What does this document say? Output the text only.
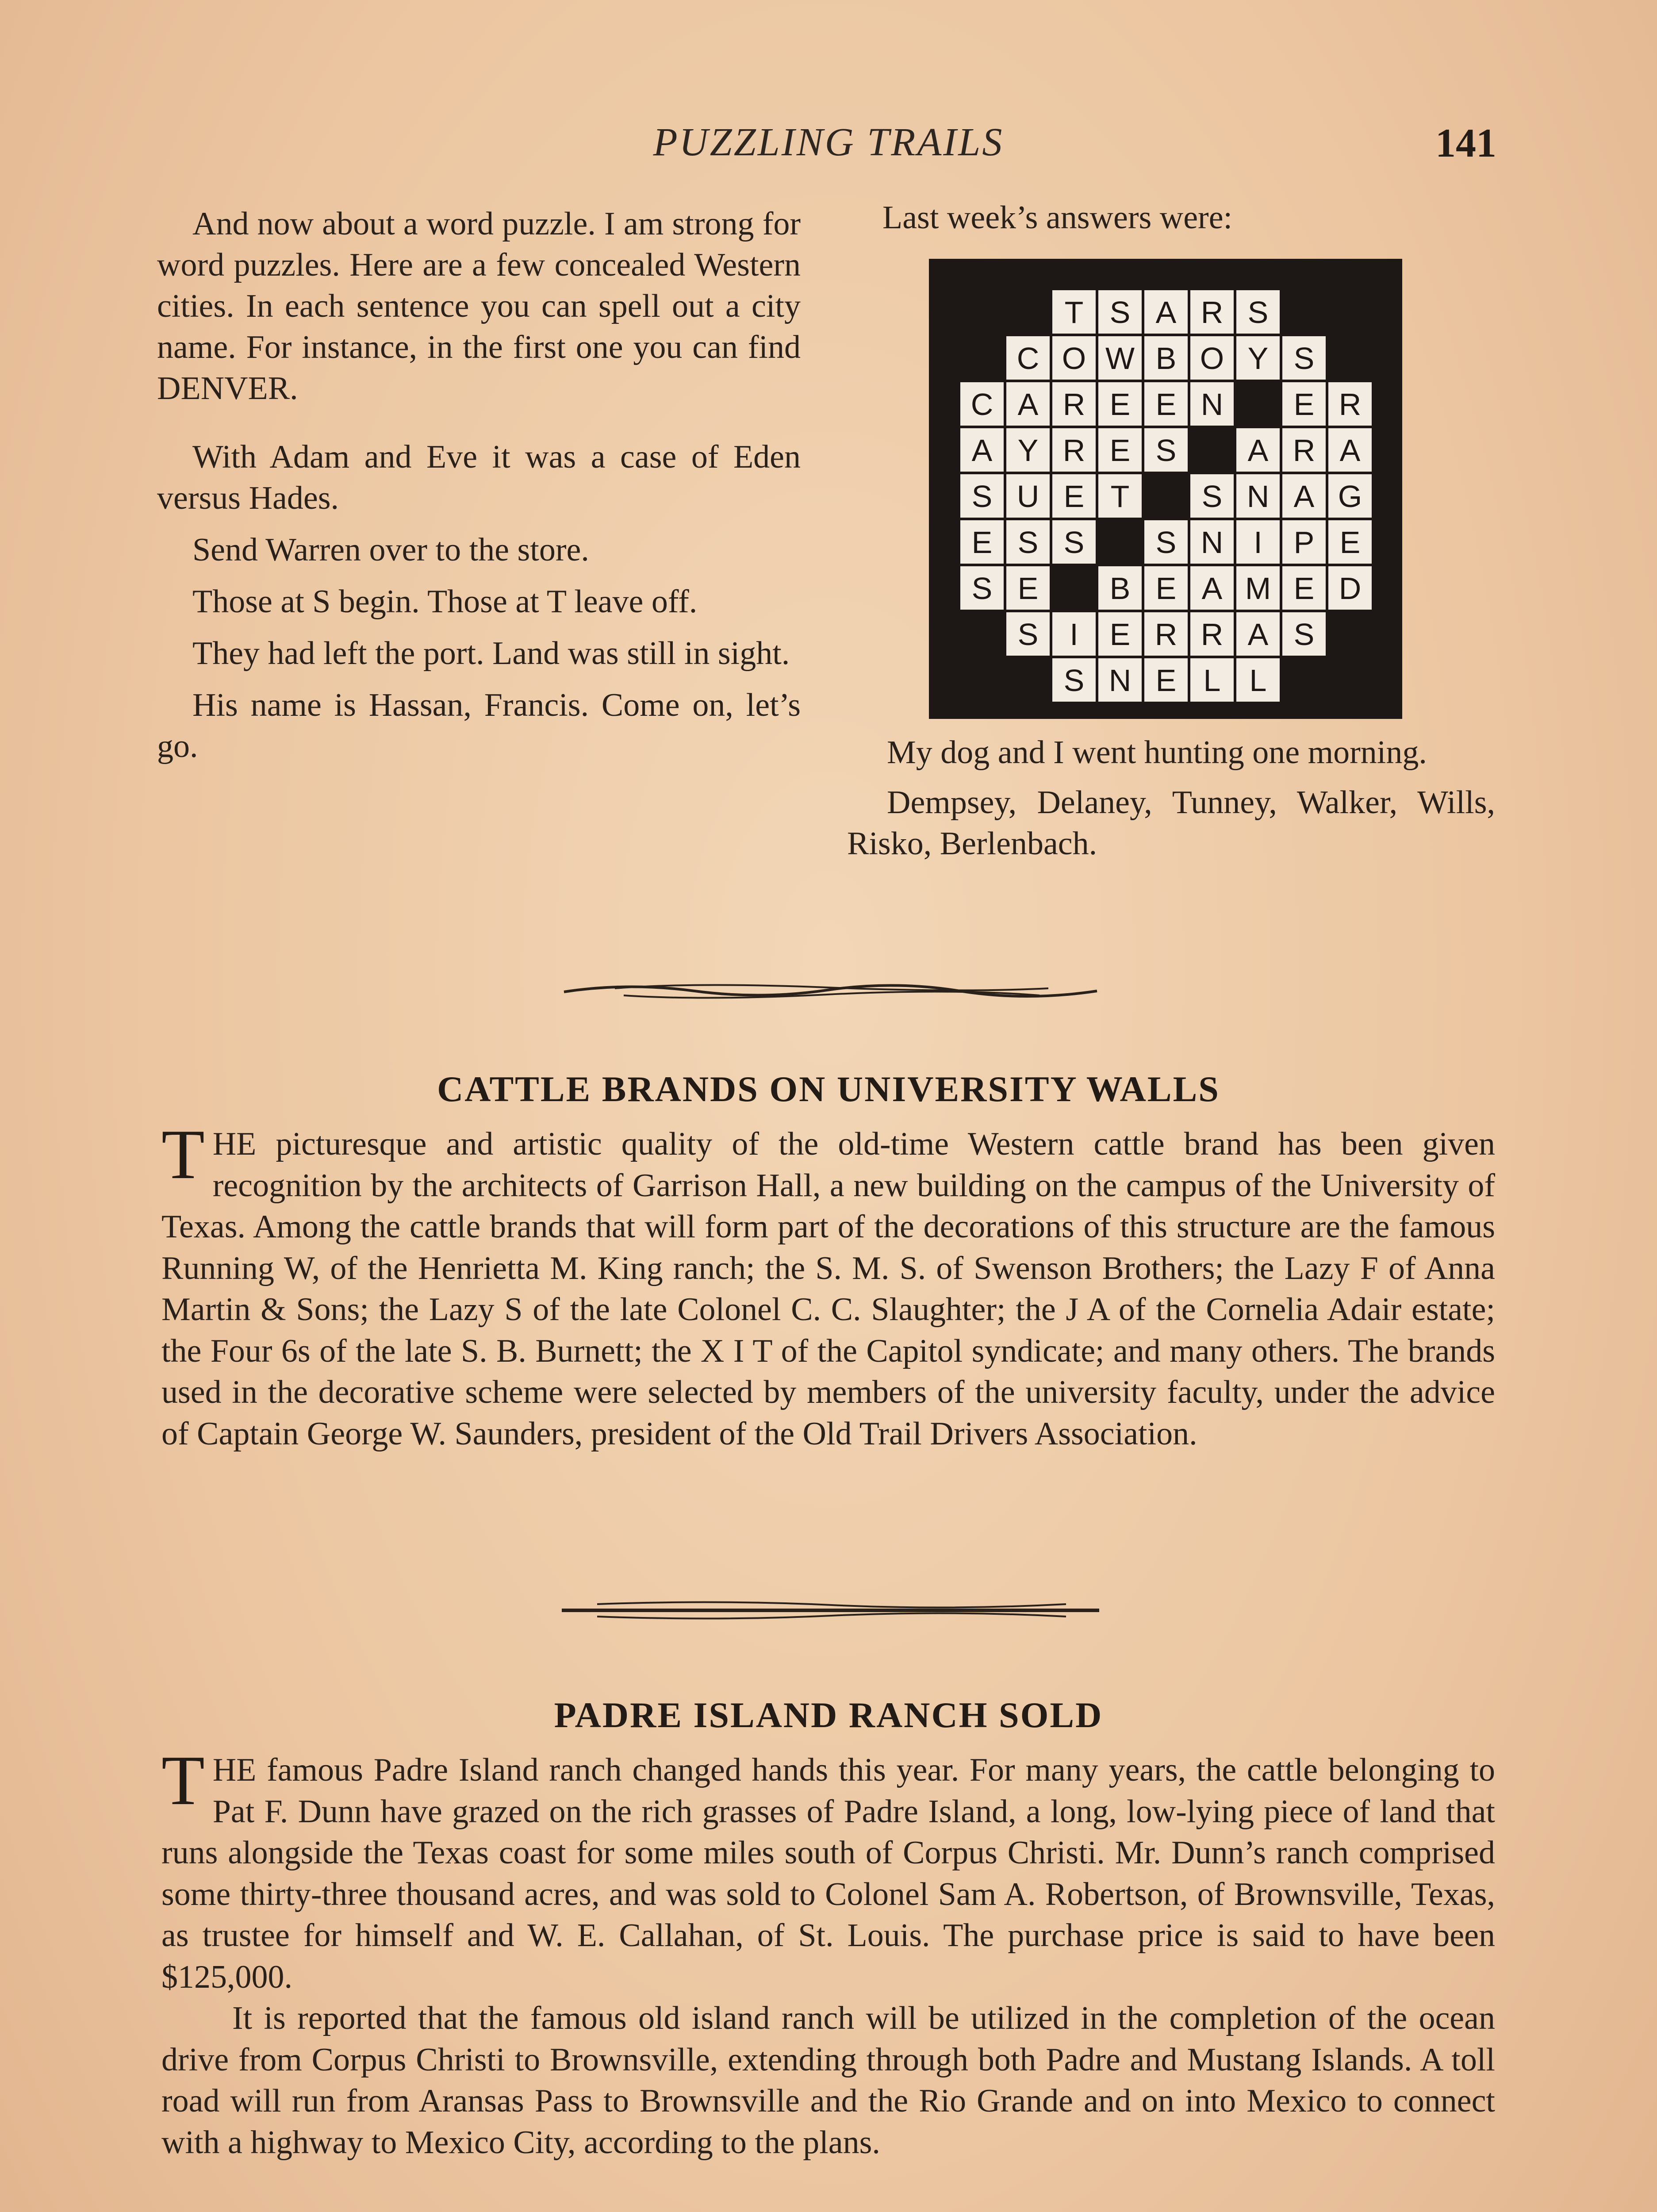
PUZZLING TRAILS	141

And now about a word puzzle. I am strong for word puzzles. Here are a few concealed Western cities. In each sentence you can spell out a city name. For instance, in the first one you can find DENVER.

With Adam and Eve it was a case of Eden versus Hades.

Send Warren over to the store.

Those at S begin. Those at T leave off.

They had left the port. Land was still in sight.

His name is Hassan, Francis. Come on, let’s go.

Last week’s answers were:
T S A R S
C O W B O Y S
C A R E E N	E R
A Y R E S	A R A
S U E T	S N A G
E S S	S N I	P E
S E	B E A M E D
S	I	E R R A S
S N E L L

My dog and I went hunting one morning.

Dempsey, Delaney, Tunney, Walker, Wills, Risko, Berlenbach.

CATTLE BRANDS ON UNIVERSITY WALLS

THE picturesque and artistic quality of the old-time Western cattle brand has been given recognition by the architects of Garrison Hall, a new building on the campus of the University of Texas. Among the cattle brands that will form part of the decorations of this structure are the famous Running W, of the Henrietta M. King ranch; the S. M. S. of Swenson Brothers; the Lazy F of Anna Martin & Sons; the Lazy S of the late Colonel C. C. Slaughter; the J A of the Cornelia Adair estate; the Four 6s of the late S. B. Burnett; the X I T of the Capitol syndicate; and many others. The brands used in the decorative scheme were selected by members of the university faculty, under the advice of Captain George W. Saunders, president of the Old Trail Drivers Association.

PADRE ISLAND RANCH SOLD

THE famous Padre Island ranch changed hands this year. For many years, the cattle belonging to Pat F. Dunn have grazed on the rich grasses of Padre Island, a long, low-lying piece of land that runs alongside the Texas coast for some miles south of Corpus Christi. Mr. Dunn’s ranch comprised some thirty-three thousand acres, and was sold to Colonel Sam A. Robertson, of Brownsville, Texas, as trustee for himself and W. E. Callahan, of St. Louis. The purchase price is said to have been $125,000.

It is reported that the famous old island ranch will be utilized in the completion of the ocean drive from Corpus Christi to Brownsville, extending through both Padre and Mustang Islands. A toll road will run from Aransas Pass to Brownsville and the Rio Grande and on into Mexico to connect with a highway to Mexico City, according to the plans.
